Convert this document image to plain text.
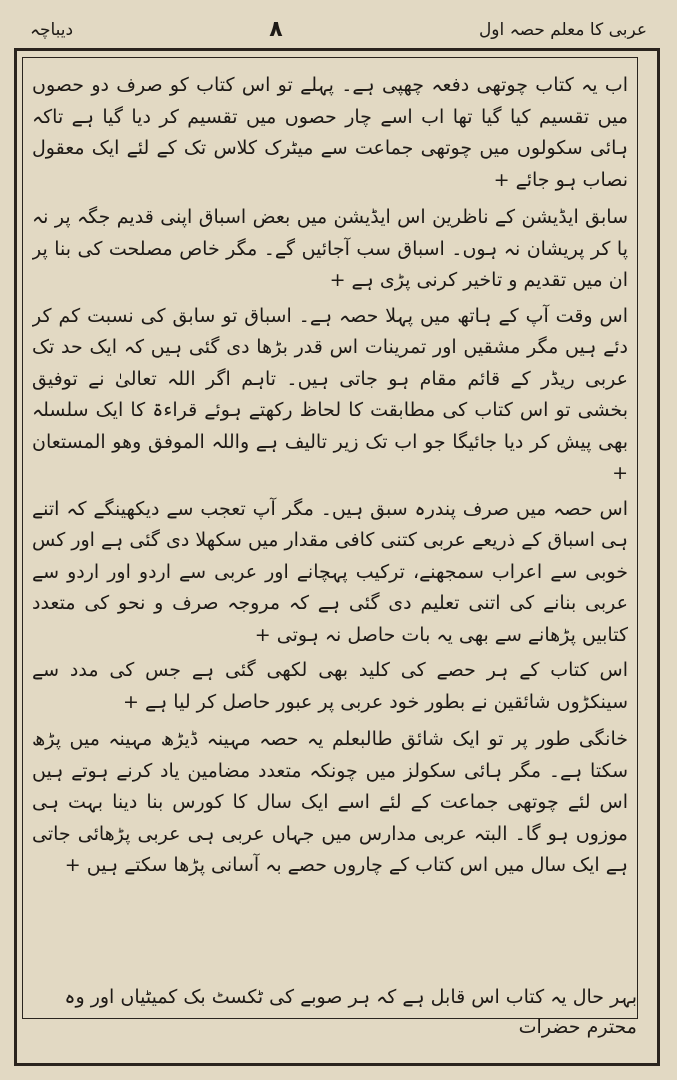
عربی کا معلم حصہ اول
۸
دیباچہ

اب یہ کتاب چوتھی دفعہ چھپی ہے۔ پہلے تو اس کتاب کو صرف دو حصوں میں تقسیم کیا گیا تھا اب اسے چار حصوں میں تقسیم کر دیا گیا ہے تاکہ ہائی سکولوں میں چوتھی جماعت سے میٹرک کلاس تک کے لئے ایک معقول نصاب ہو جائے +

سابق ایڈیشن کے ناظرین اس ایڈیشن میں بعض اسباق اپنی قدیم جگہ پر نہ پا کر پریشان نہ ہوں۔ اسباق سب آجائیں گے۔ مگر خاص مصلحت کی بنا پر ان میں تقدیم و تاخیر کرنی پڑی ہے +

اس وقت آپ کے ہاتھ میں پہلا حصہ ہے۔ اسباق تو سابق کی نسبت کم کر دئے ہیں مگر مشقیں اور تمرینات اس قدر بڑھا دی گئی ہیں کہ ایک حد تک عربی ریڈر کے قائم مقام ہو جاتی ہیں۔ تاہم اگر اللہ تعالیٰ نے توفیق بخشی تو اس کتاب کی مطابقت کا لحاظ رکھتے ہوئے قراءۃ کا ایک سلسلہ بھی پیش کر دیا جائیگا جو اب تک زیر تالیف ہے واللہ الموفق وھو المستعان +

اس حصہ میں صرف پندرہ سبق ہیں۔ مگر آپ تعجب سے دیکھینگے کہ اتنے ہی اسباق کے ذریعے عربی کتنی کافی مقدار میں سکھلا دی گئی ہے اور کس خوبی سے اعراب سمجھنے، ترکیب پہچانے اور عربی سے اردو اور اردو سے عربی بنانے کی اتنی تعلیم دی گئی ہے کہ مروجہ صرف و نحو کی متعدد کتابیں پڑھانے سے بھی یہ بات حاصل نہ ہوتی +

اس کتاب کے ہر حصے کی کلید بھی لکھی گئی ہے جس کی مدد سے سینکڑوں شائقین نے بطور خود عربی پر عبور حاصل کر لیا ہے +

خانگی طور پر تو ایک شائق طالبعلم یہ حصہ مہینہ ڈیڑھ مہینہ میں پڑھ سکتا ہے۔ مگر ہائی سکولز میں چونکہ متعدد مضامین یاد کرنے ہوتے ہیں اس لئے چوتھی جماعت کے لئے اسے ایک سال کا کورس بنا دینا بہت ہی موزوں ہو گا۔ البتہ عربی مدارس میں جہاں عربی ہی عربی پڑھائی جاتی ہے ایک سال میں اس کتاب کے چاروں حصے بہ آسانی پڑھا سکتے ہیں +

بہر حال یہ کتاب اس قابل ہے کہ ہر صوبے کی ٹکسٹ بک کمیٹیاں اور وہ محترم حضرات
